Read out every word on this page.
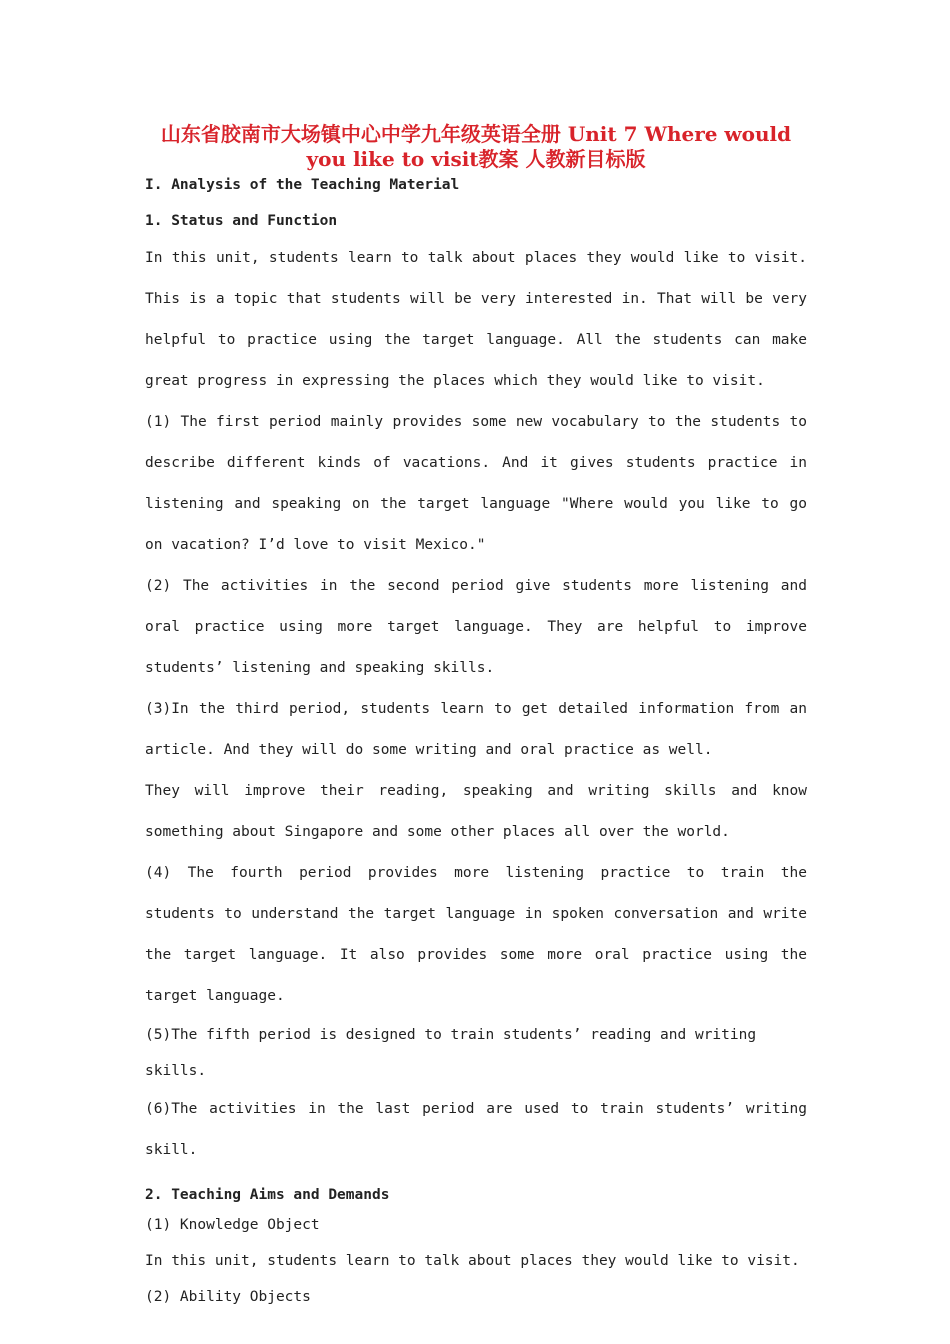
山东省胶南市大场镇中心中学九年级英语全册 Unit 7 Where would you like to visit教案 人教新目标版

I. Analysis of the Teaching Material

1. Status and Function

In this unit, students learn to talk about places they would like to visit. This is a topic that students will be very interested in. That will be very helpful to practice using the target language. All the students can make great progress in expressing the places which they would like to visit.

(1) The first period mainly provides some new vocabulary to the students to describe different kinds of vacations. And it gives students practice in listening and speaking on the target language "Where would you like to go on vacation? I’d love to visit Mexico."

(2) The activities in the second period give students more listening and oral practice using more target language. They are helpful to improve students’ listening and speaking skills.

(3)In the third period, students learn to get detailed information from an article. And they will do some writing and oral practice as well.

They will improve their reading, speaking and writing skills and know something about Singapore and some other places all over the world.

(4) The fourth period provides more listening practice to train the students to understand the target language in spoken conversation and write the target language. It also provides some more oral practice using the target language.

(5)The fifth period is designed to train students’ reading and writing skills.

(6)The activities in the last period are used to train students’ writing skill.

2. Teaching Aims and Demands

(1) Knowledge Object

In this unit, students learn to talk about places they would like to visit.

(2) Ability Objects
